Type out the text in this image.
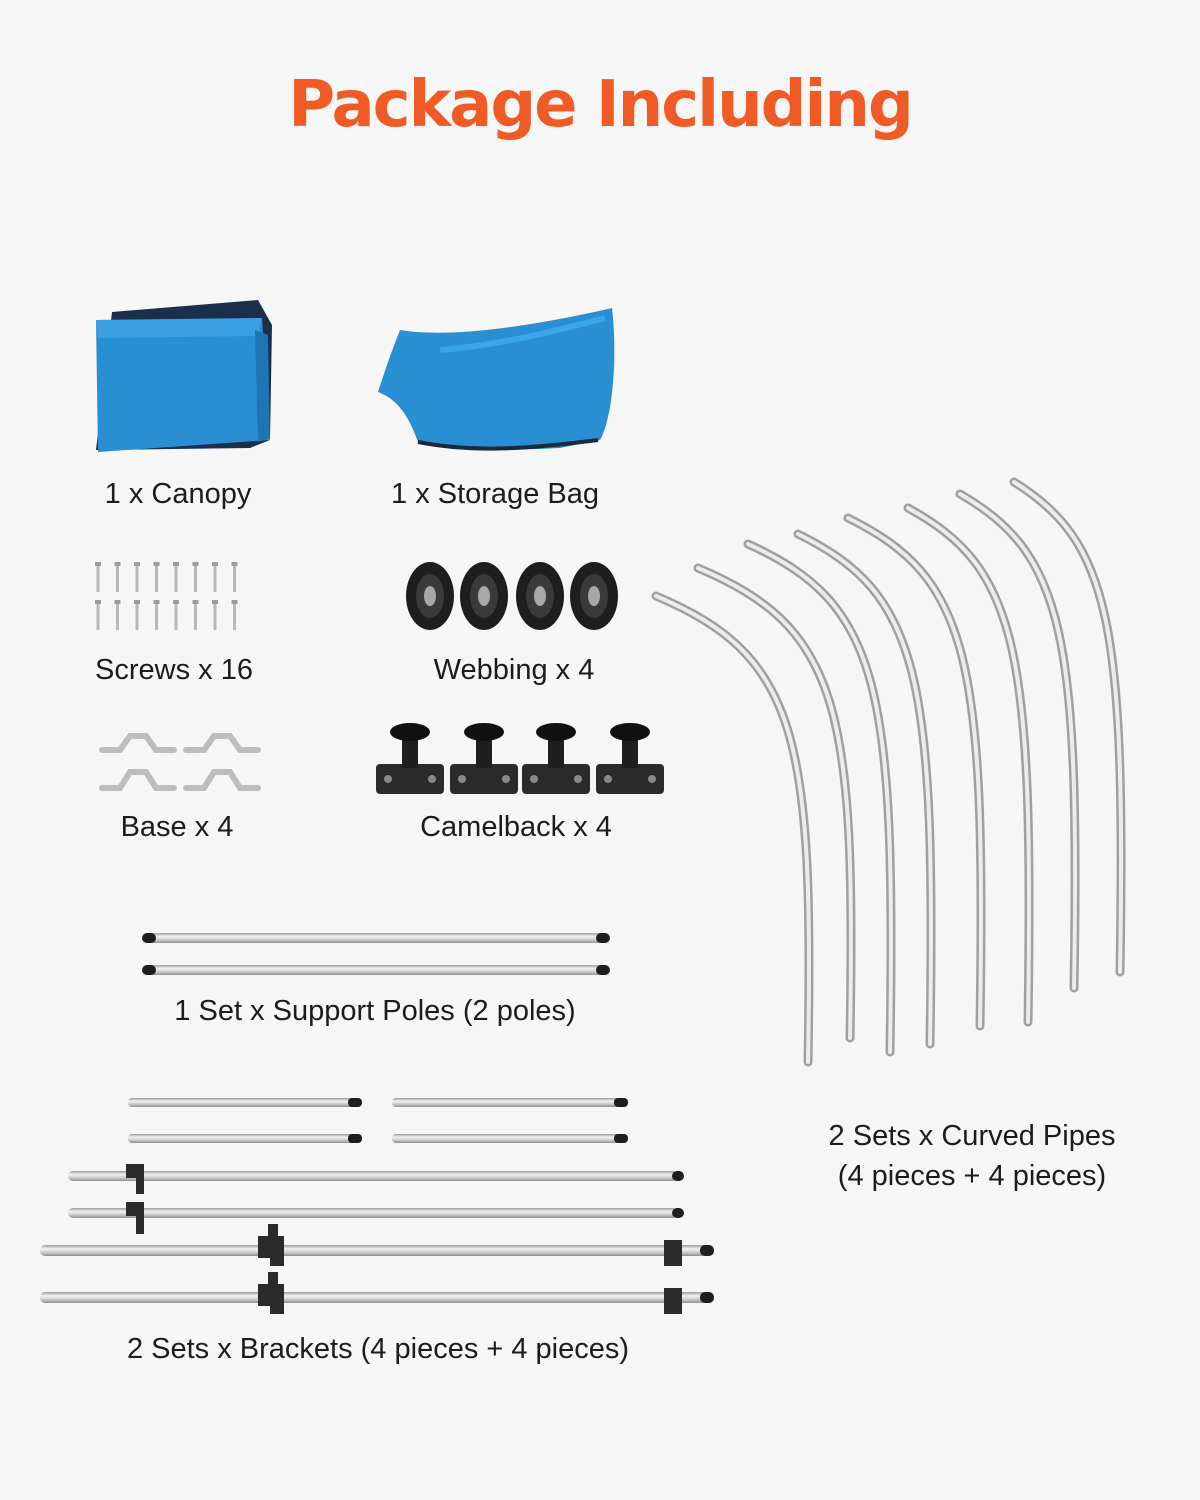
Package Including
1 x Canopy	1 x Storage Bag
Screws x 16	Webbing x 4
Base x 4	Camelback x 4
1 Set x Support Poles (2 poles)
2 Sets x Curved Pipes
(4 pieces + 4 pieces)
2 Sets x Brackets (4 pieces + 4 pieces)
